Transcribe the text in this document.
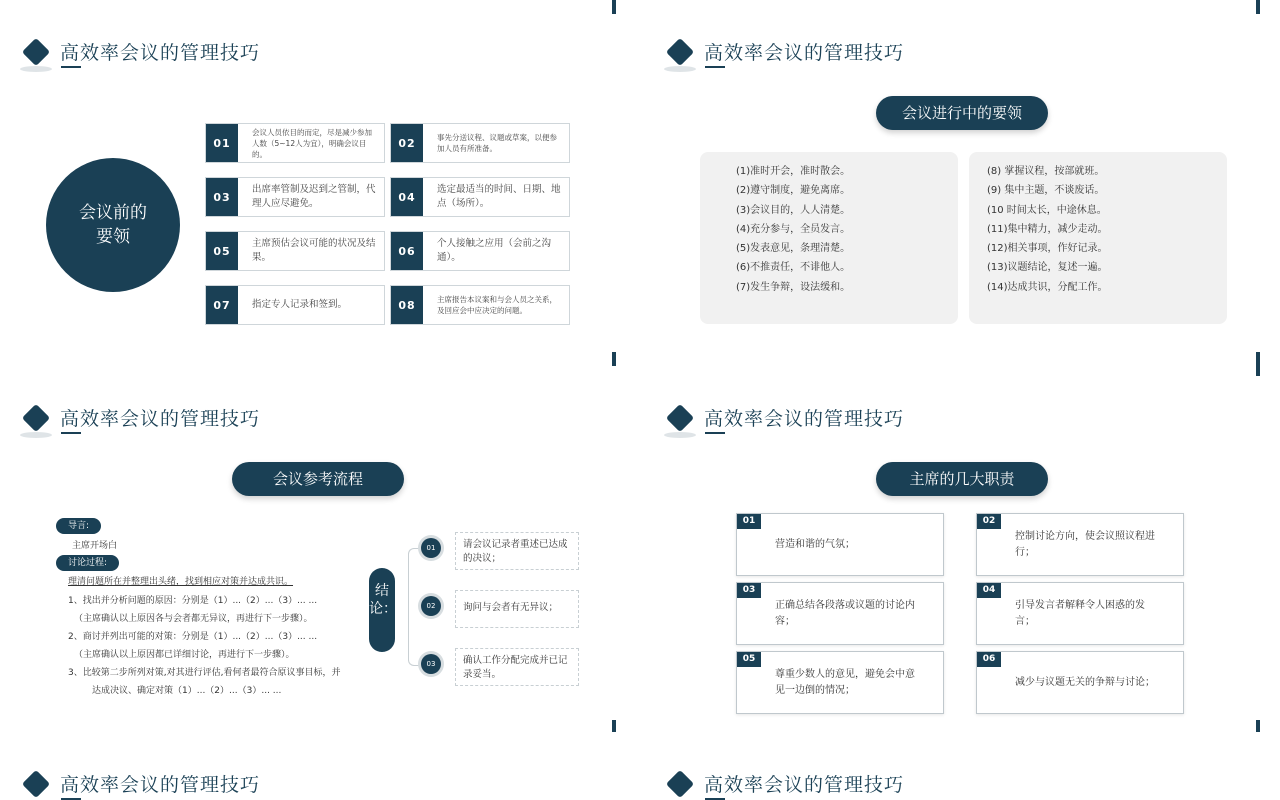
高效率会议的管理技巧
会议前的
要领
01
会议人员依目的而定，尽是减少参加人数（5~12人为宜），明确会议目的。
02	事先分送议程、议题或草案，以便参加人员有所准备。
03
出席率管制及迟到之管制，代理人应尽避免。	04
选定最适当的时间、日期、地点（场所）。
05
主席预估会议可能的状况及结果。	06
个人接触之应用（会前之沟通）。
07	指定专人记录和签到。	08	主席报告本议案和与会人员之关系，及回应会中应决定的问题。
高效率会议的管理技巧
会议进行中的要领
(1)准时开会，准时散会。
(2)遵守制度，避免离席。
(3)会议目的，人人清楚。
(4)充分参与，全员发言。
(5)发表意见，条理清楚。
(6)不推责任，不诽他人。
(7)发生争辩，设法缓和。
(8) 掌握议程，按部就班。
(9) 集中主题，不谈废话。
(10 时间太长，中途休息。
(11)集中精力，减少走动。
(12)相关事项，作好记录。
(13)议题结论，复述一遍。
(14)达成共识，分配工作。
高效率会议的管理技巧
会议参考流程
导言:
主席开场白
讨论过程:
理清问题所在并整理出头绪，找到相应对策并达成共识。
1、找出并分析问题的原因：分别是（1）...（2）...（3）... ...
（主席确认以上原因各与会者都无异议，再进行下一步骤）。
2、商讨并列出可能的对策：分别是（1）...（2）...（3）... ...
（主席确认以上原因都已详细讨论，再进行下一步骤）。
3、比较第二步所列对策,对其进行评估,看何者最符合原议事目标，并
达成决议、确定对策（1）...（2）...（3）... ...
结论：
01	请会议记录者重述已达成的决议；
02	询问与会者有无异议；
03	确认工作分配完成并已记录妥当。
高效率会议的管理技巧
主席的几大职责
01
营造和谐的气氛；
02
控制讨论方向，使会议照议程进行；
03
正确总结各段落或议题的讨论内容；
04
引导发言者解释令人困惑的发言；
05
尊重少数人的意见，避免会中意见一边倒的情况；
06
减少与议题无关的争辩与讨论；
高效率会议的管理技巧	高效率会议的管理技巧
